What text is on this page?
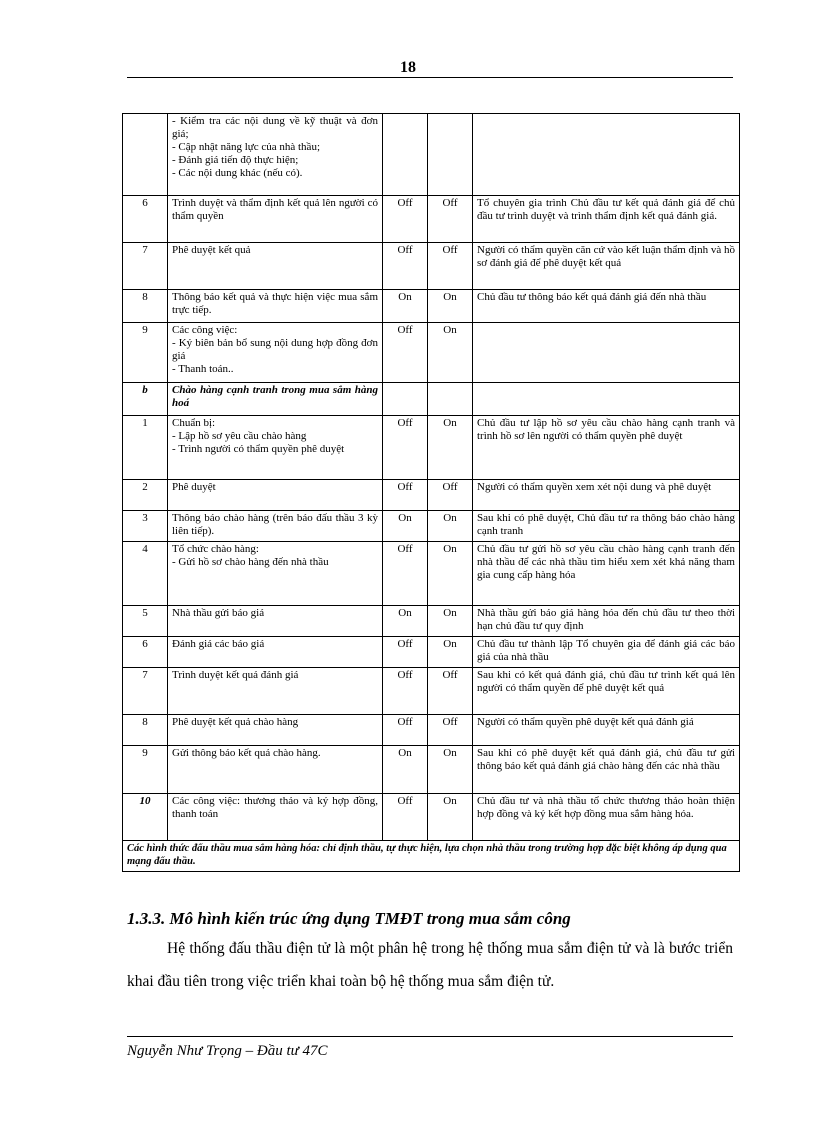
18

	- Kiểm tra các nội dung về kỹ thuật và đơn giá;
- Cập nhật năng lực của nhà thầu;
- Đánh giá tiến độ thực hiện;
- Các nội dung khác (nếu có).			

6	Trình duyệt và thẩm định kết quả lên người có thẩm quyền	Off	Off	Tổ chuyên gia trình Chủ đầu tư kết quả đánh giá để chủ đầu tư trình duyệt và trình thẩm định kết quả đánh giá.
7	Phê duyệt kết quả	Off	Off	Người có thẩm quyền căn cứ vào kết luận thẩm định và hồ sơ đánh giá để phê duyệt kết quả
8	Thông báo kết quả và thực hiện việc mua sắm trực tiếp.	On	On	Chủ đầu tư thông báo kết quả đánh giá đến nhà thầu
9	Các công việc:
- Ký biên bản bổ sung nội dung hợp đồng đơn giá
- Thanh toán..	Off	On	
b	Chào hàng cạnh tranh trong mua sắm hàng hoá			

1	Chuẩn bị:
- Lập hồ sơ yêu cầu chào hàng
- Trình người có thẩm quyền phê duyệt	Off	On	Chủ đầu tư lập hồ sơ yêu cầu chào hàng cạnh tranh và trình hồ sơ lên người có thẩm quyền phê duyệt
2	Phê duyệt	Off	Off	Người có thẩm quyền xem xét nội dung và phê duyệt
3	Thông báo chào hàng (trên báo đấu thầu 3 kỳ liên tiếp).	On	On	Sau khi có phê duyệt, Chủ đầu tư ra thông báo chào hàng cạnh tranh
4	Tổ chức chào hàng:
- Gửi hồ sơ chào hàng đến nhà thầu	Off	On	Chủ đầu tư gửi hồ sơ yêu cầu chào hàng cạnh tranh đến nhà thầu để các nhà thầu tìm hiểu xem xét khả năng tham gia cung cấp hàng hóa
5	Nhà thầu gửi báo giá	On	On	Nhà thầu gửi báo giá hàng hóa đến chủ đầu tư theo thời hạn chủ đầu tư quy định
6	Đánh giá các báo giá	Off	On	Chủ đầu tư thành lập Tổ chuyên gia để đánh giá các báo giá của nhà thầu
7	Trình duyệt kết quả đánh giá	Off	Off	Sau khi có kết quả đánh giá, chủ đầu tư trình kết quả lên người có thẩm quyền để phê duyệt kết quả
8	Phê duyệt kết quả chào hàng	Off	Off	Người có thẩm quyền phê duyệt kết quả đánh giá
9	Gửi thông báo kết quả chào hàng.	On	On	Sau khi có phê duyệt kết quả đánh giá, chủ đầu tư gửi thông báo kết quả đánh giá chào hàng đến các nhà thầu
10	Các công việc: thương thảo và ký hợp đồng, thanh toán	Off	On	Chủ đầu tư và nhà thầu tổ chức thương thảo hoàn thiện hợp đồng và ký kết hợp đồng mua sắm hàng hóa.
Các hình thức đấu thầu mua sắm hàng hóa: chỉ định thầu, tự thực hiện, lựa chọn nhà thầu trong trường hợp đặc biệt không áp dụng qua mạng đấu thầu.				
1.3.3. Mô hình kiến trúc ứng dụng TMĐT trong mua sắm công

Hệ thống đấu thầu điện tử là một phân hệ trong hệ thống mua sắm điện tử và là bước triển khai đầu tiên trong việc triển khai toàn bộ hệ thống mua sắm điện tử.

Nguyễn Như Trọng – Đầu tư 47C
